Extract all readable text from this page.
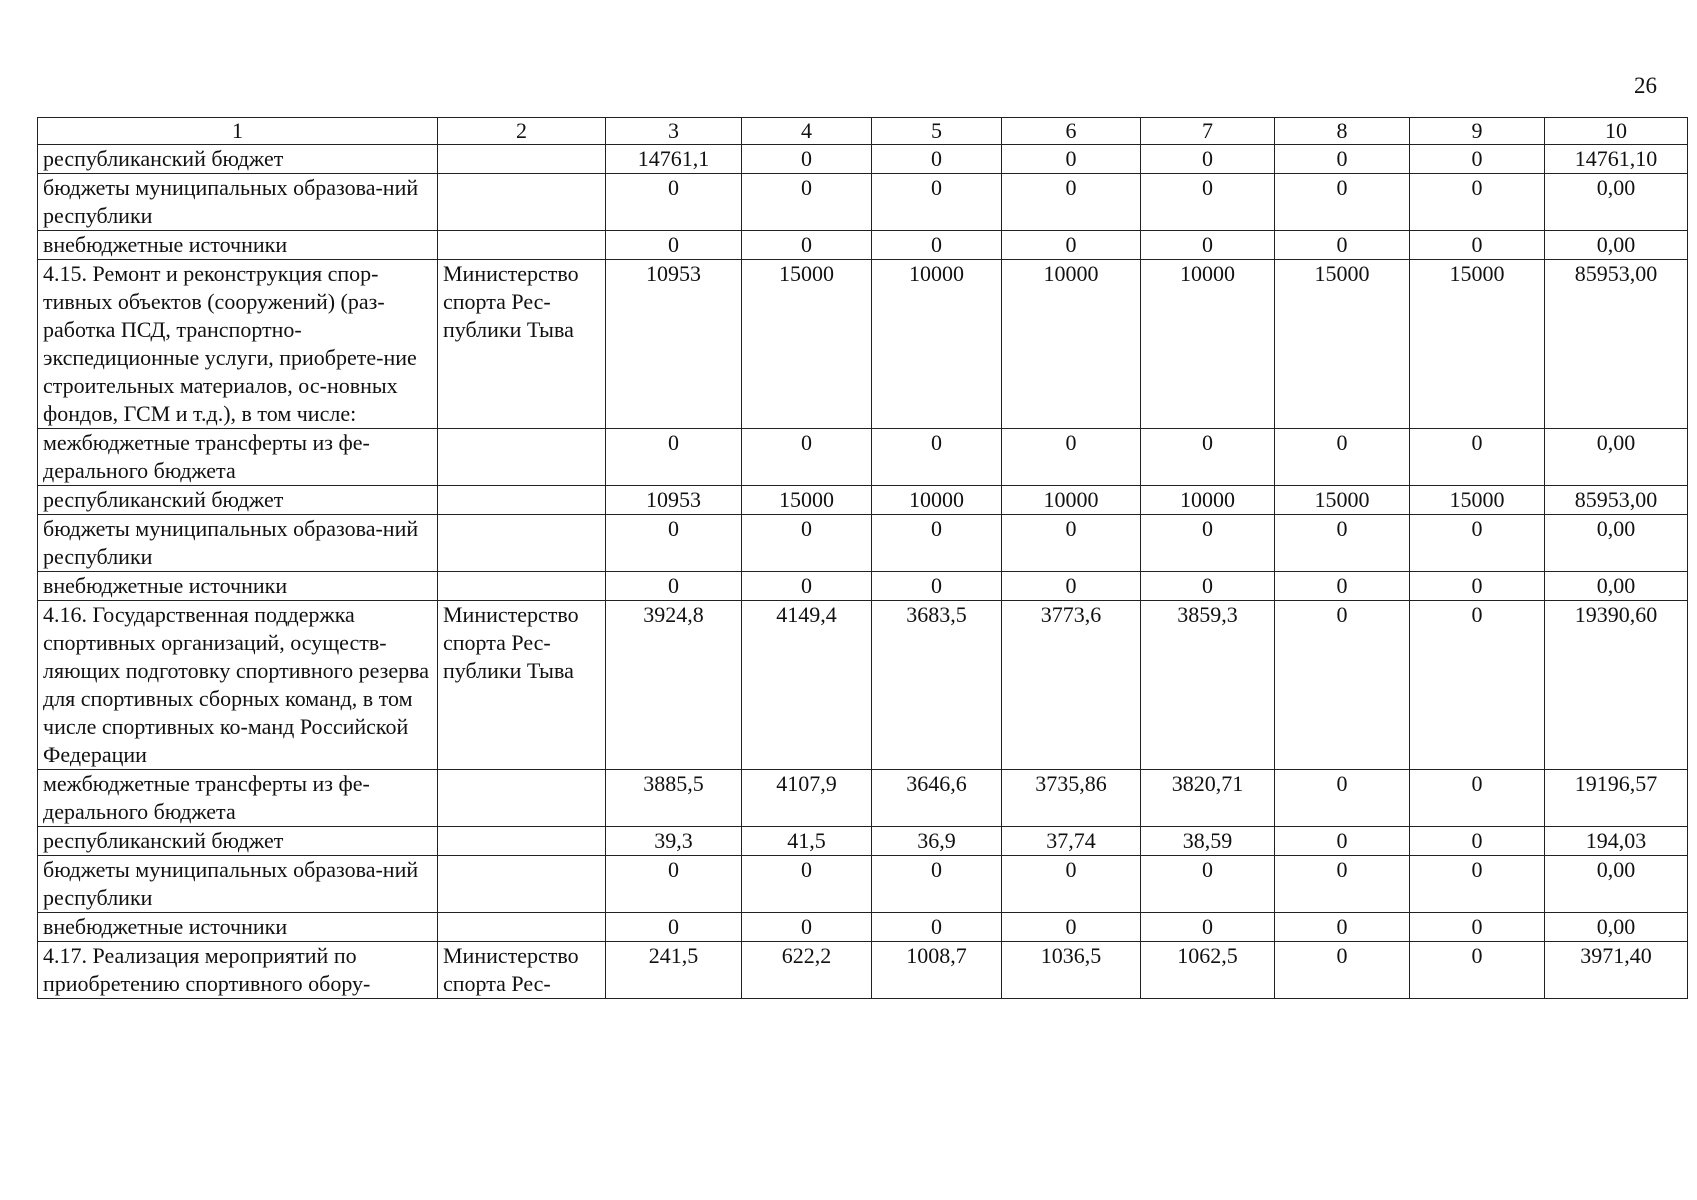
26
1	2	3	4	5	6	7	8	9	10
республиканский бюджет		14761,1	0	0	0	0	0	0	14761,10
бюджеты муниципальных образова-ний республики		0	0	0	0	0	0	0	0,00
внебюджетные источники		0	0	0	0	0	0	0	0,00
4.15. Ремонт и реконструкция спор-тивных объектов (сооружений) (раз-работка ПСД, транспортно-экспедиционные услуги, приобрете-ние строительных материалов, ос-новных фондов, ГСМ и т.д.), в том числе:	Министерство спорта Рес-публики Тыва	10953	15000	10000	10000	10000	15000	15000	85953,00
межбюджетные трансферты из фе-дерального бюджета		0	0	0	0	0	0	0	0,00
республиканский бюджет		10953	15000	10000	10000	10000	15000	15000	85953,00
бюджеты муниципальных образова-ний республики		0	0	0	0	0	0	0	0,00
внебюджетные источники		0	0	0	0	0	0	0	0,00
4.16. Государственная поддержка спортивных организаций, осуществ-ляющих подготовку спортивного резерва для спортивных сборных команд, в том числе спортивных ко-манд Российской Федерации	Министерство спорта Рес-публики Тыва	3924,8	4149,4	3683,5	3773,6	3859,3	0	0	19390,60
межбюджетные трансферты из фе-дерального бюджета		3885,5	4107,9	3646,6	3735,86	3820,71	0	0	19196,57
республиканский бюджет		39,3	41,5	36,9	37,74	38,59	0	0	194,03
бюджеты муниципальных образова-ний республики		0	0	0	0	0	0	0	0,00
внебюджетные источники		0	0	0	0	0	0	0	0,00
4.17. Реализация мероприятий по приобретению спортивного обору-	Министерство спорта Рес-	241,5	622,2	1008,7	1036,5	1062,5	0	0	3971,40
